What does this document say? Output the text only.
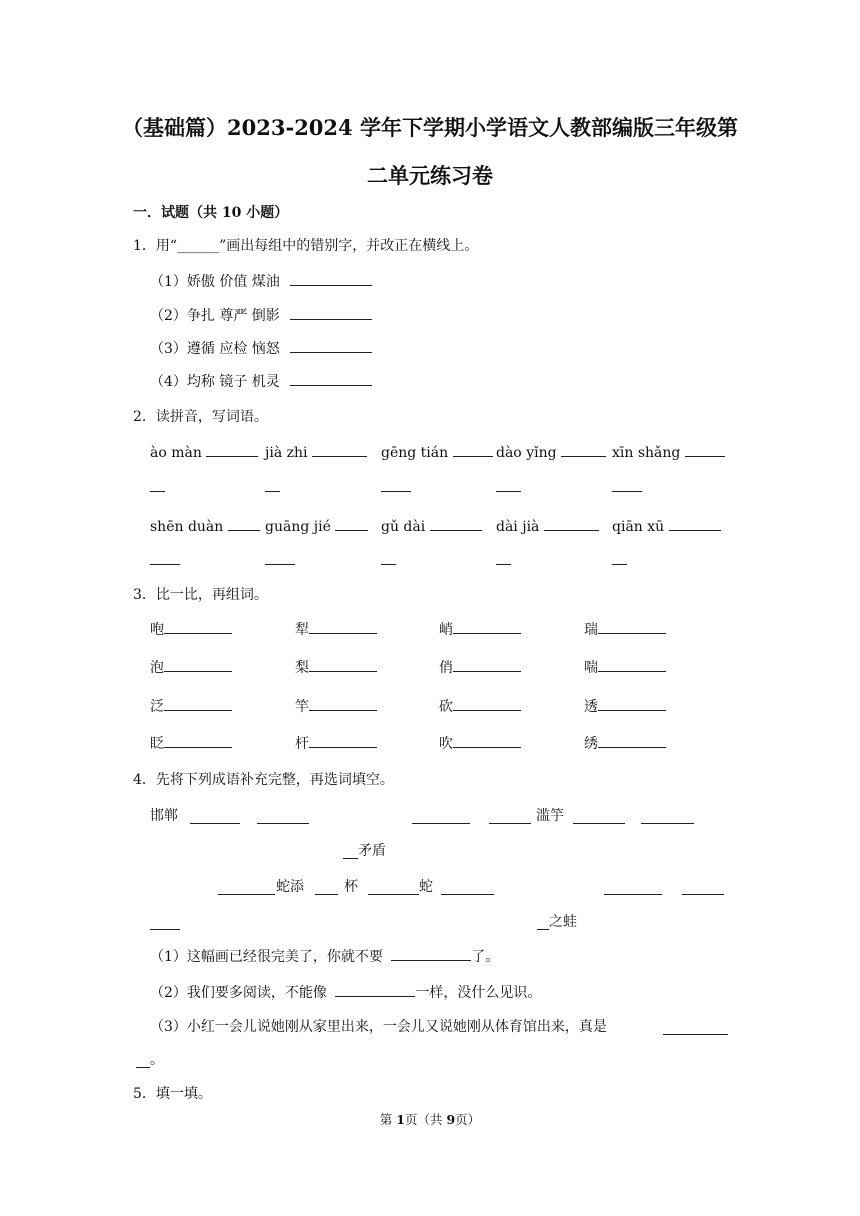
（基础篇）2023-2024 学年下学期小学语文人教部编版三年级第
二单元练习卷
一．试题（共 10 小题）
1．用“______”画出每组中的错别字，并改正在横线上。
（1）娇傲 价值 煤油
（2）争扎 尊严 倒影
（3）遵循 应检 恼怒
（4）均称 镜子 机灵
2．读拼音，写词语。
ào màn	jià zhi	gēng tián	dào yǐng	xīn shǎng
shēn duàn	guāng jié	gǔ dài	dài jià	qiān xū
3．比一比，再组词。
咆	犁	峭	瑞
泡	梨	俏	喘
泛	竿	砍	透
眨	杆	吹	绣
4．先将下列成语补充完整，再选词填空。
邯郸	滥竽
矛盾
蛇添	杯	蛇
之蛙
（1）这幅画已经很完美了，你就不要	了。
（2）我们要多阅读，不能像	一样，没什么见识。
（3）小红一会儿说她刚从家里出来，一会儿又说她刚从体育馆出来，真是
。
5．填一填。
第 1页（共 9页）
